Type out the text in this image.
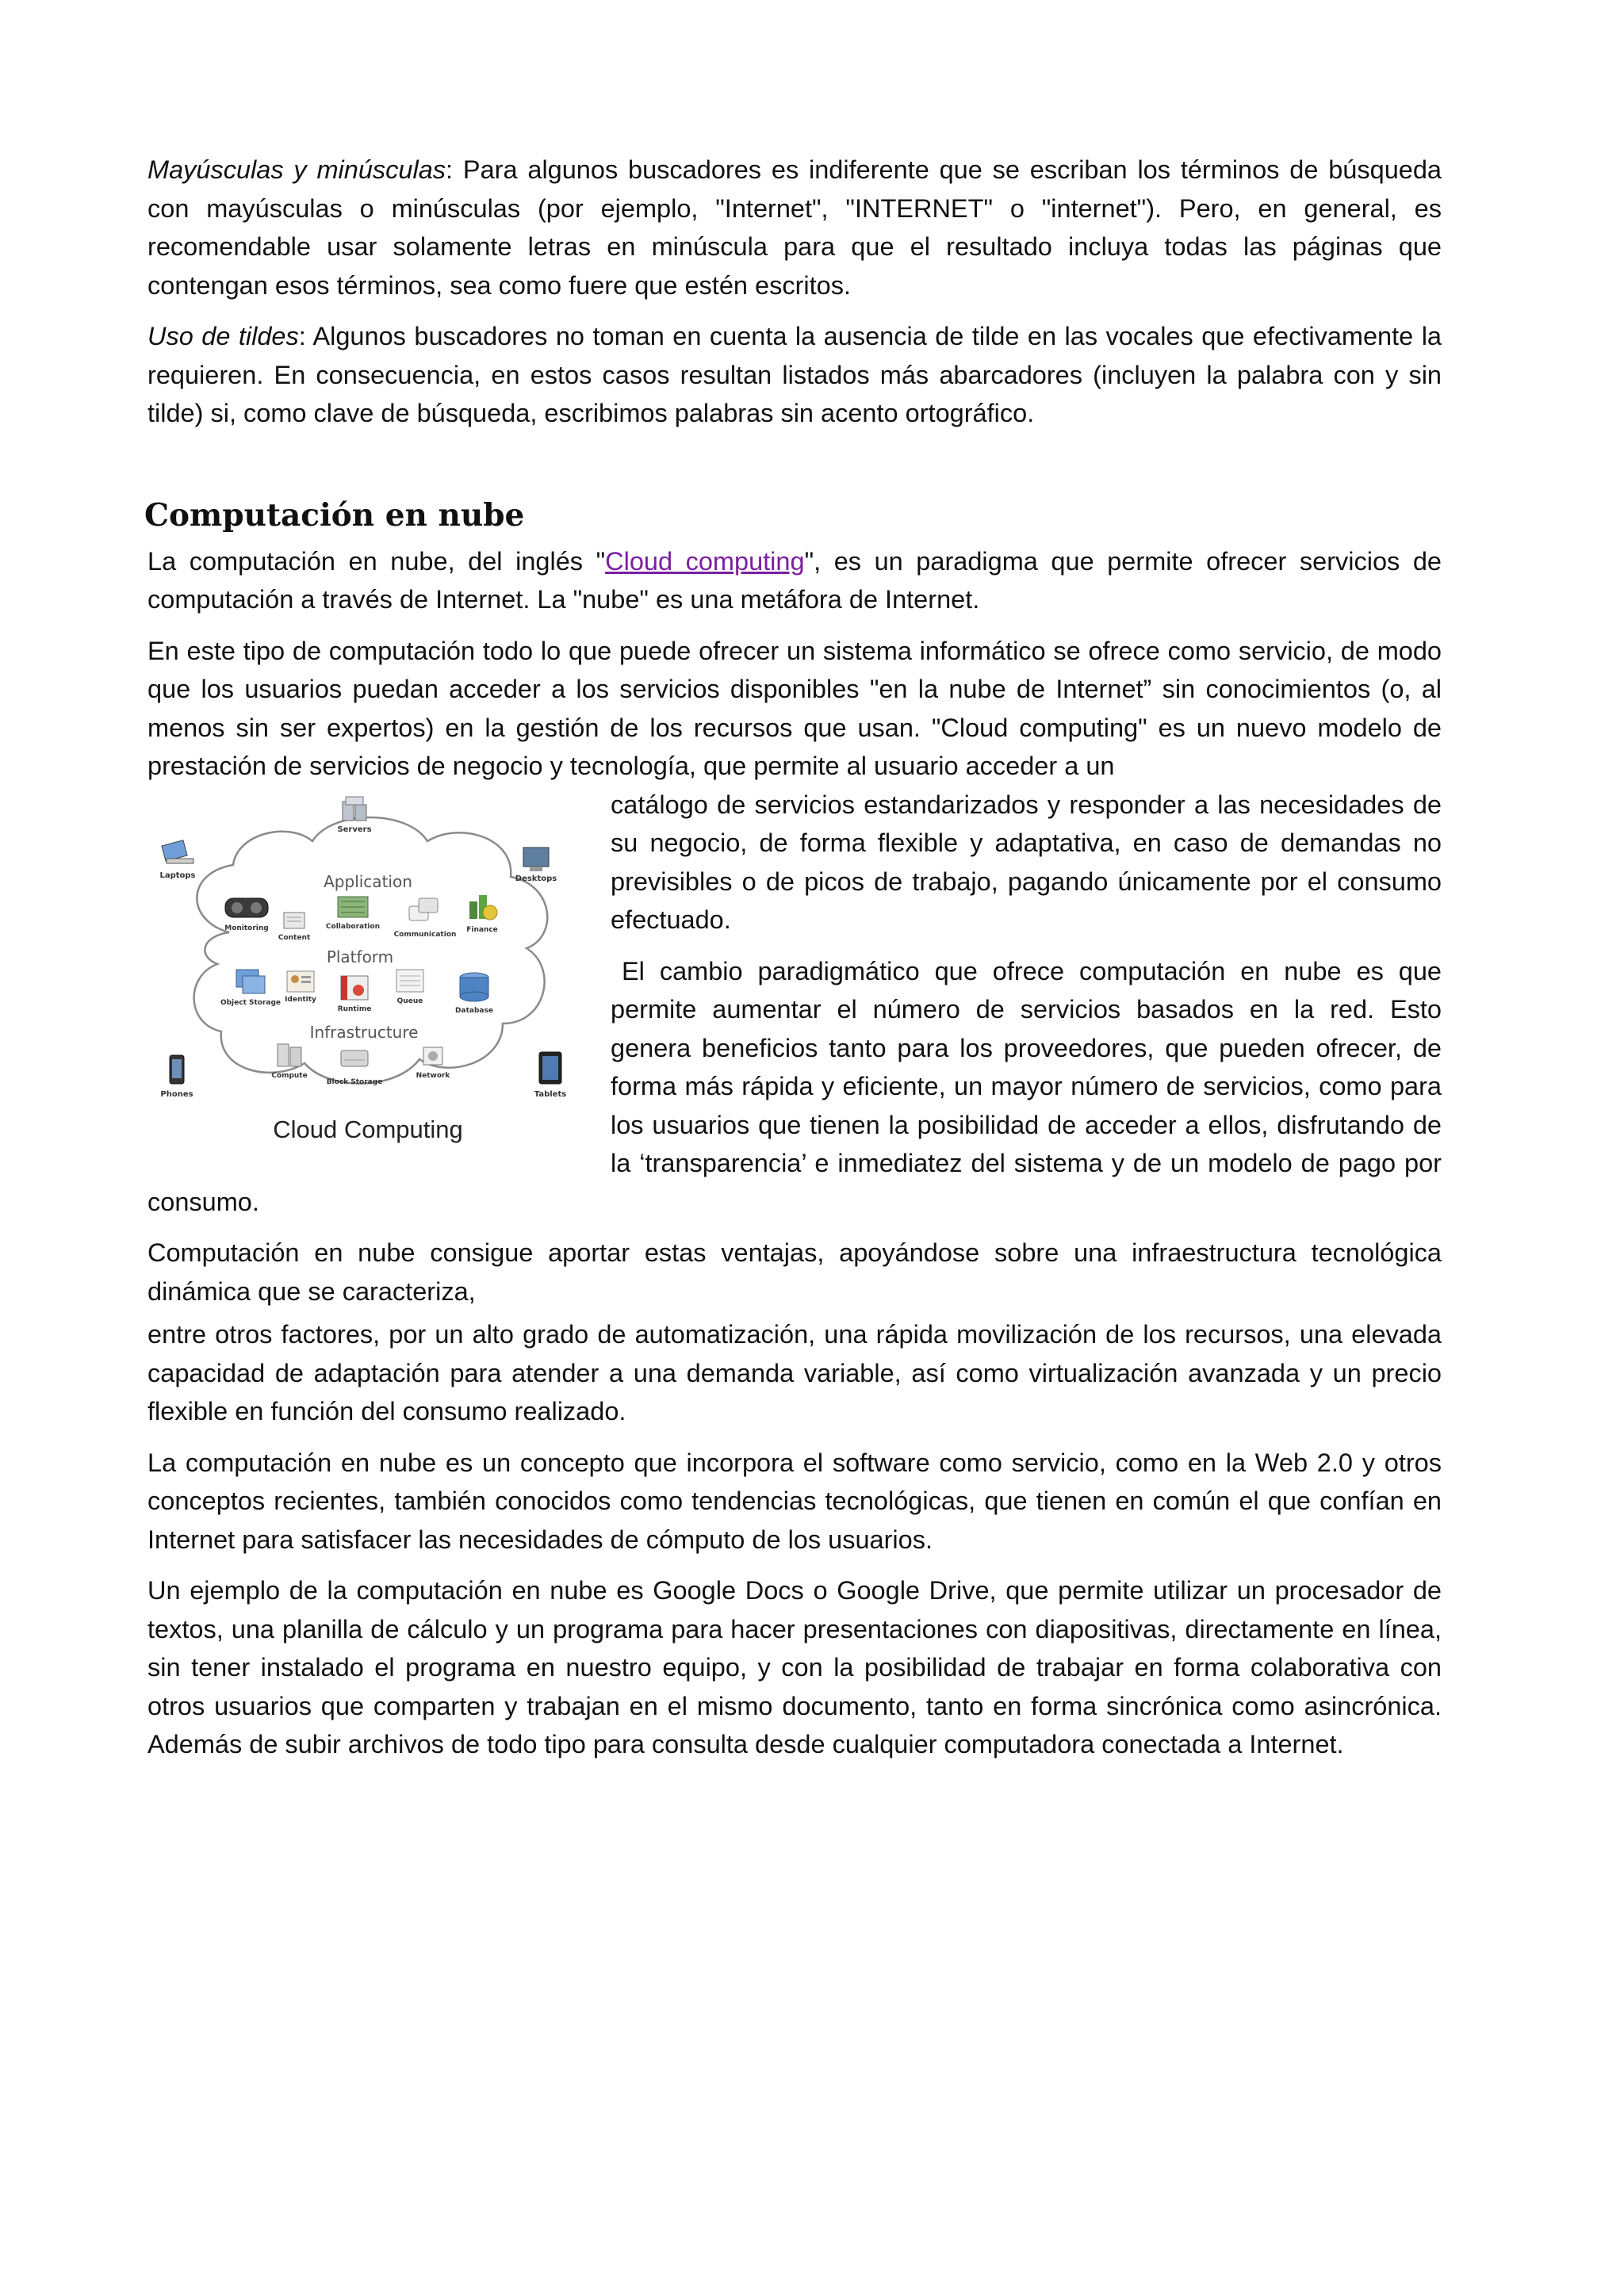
Mayúsculas y minúsculas: Para algunos buscadores es indiferente que se escriban los términos de búsqueda con mayúsculas o minúsculas (por ejemplo, "Internet", "INTERNET" o "internet"). Pero, en general, es recomendable usar solamente letras en minúscula para que el resultado incluya todas las páginas que contengan esos términos, sea como fuere que estén escritos.

Uso de tildes: Algunos buscadores no toman en cuenta la ausencia de tilde en las vocales que efectivamente la requieren. En consecuencia, en estos casos resultan listados más abarcadores (incluyen la palabra con y sin tilde) si, como clave de búsqueda, escribimos palabras sin acento ortográfico.

Computación en nube

La computación en nube, del inglés "Cloud computing", es un paradigma que permite ofrecer servicios de computación a través de Internet. La "nube" es una metáfora de Internet.

En este tipo de computación todo lo que puede ofrecer un sistema informático se ofrece como servicio, de modo que los usuarios puedan acceder a los servicios disponibles "en la nube de Internet” sin conocimientos (o, al menos sin ser expertos) en la gestión de los recursos que usan. "Cloud computing" es un nuevo modelo de prestación de servicios de negocio y tecnología, que permite al usuario acceder a un

Application
Platform
Infrastructure
Servers
Laptops	Desktops
Phones	Tablets
Monitoring
Content
Collaboration
Communication
Finance
Object Storage Identity
Runtime
Queue
Database
Compute
Block Storage
Network
Cloud Computing

catálogo de servicios estandarizados y responder a las necesidades de su negocio, de forma flexible y adaptativa, en caso de demandas no previsibles o de picos de trabajo, pagando únicamente por el consumo efectuado.

El cambio paradigmático que ofrece computación en nube es que permite aumentar el número de servicios basados en la red. Esto genera beneficios tanto para los proveedores, que pueden ofrecer, de forma más rápida y eficiente, un mayor número de servicios, como para los usuarios que tienen la posibilidad de acceder a ellos, disfrutando de la ‘transparencia’ e inmediatez del sistema y de un modelo de pago por consumo.

Computación en nube consigue aportar estas ventajas, apoyándose sobre una infraestructura tecnológica dinámica que se caracteriza,

entre otros factores, por un alto grado de automatización, una rápida movilización de los recursos, una elevada capacidad de adaptación para atender a una demanda variable, así como virtualización avanzada y un precio flexible en función del consumo realizado.

La computación en nube es un concepto que incorpora el software como servicio, como en la Web 2.0 y otros conceptos recientes, también conocidos como tendencias tecnológicas, que tienen en común el que confían en Internet para satisfacer las necesidades de cómputo de los usuarios.

Un ejemplo de la computación en nube es Google Docs o Google Drive, que permite utilizar un procesador de textos, una planilla de cálculo y un programa para hacer presentaciones con diapositivas, directamente en línea, sin tener instalado el programa en nuestro equipo, y con la posibilidad de trabajar en forma colaborativa con otros usuarios que comparten y trabajan en el mismo documento, tanto en forma sincrónica como asincrónica. Además de subir archivos de todo tipo para consulta desde cualquier computadora conectada a Internet.
